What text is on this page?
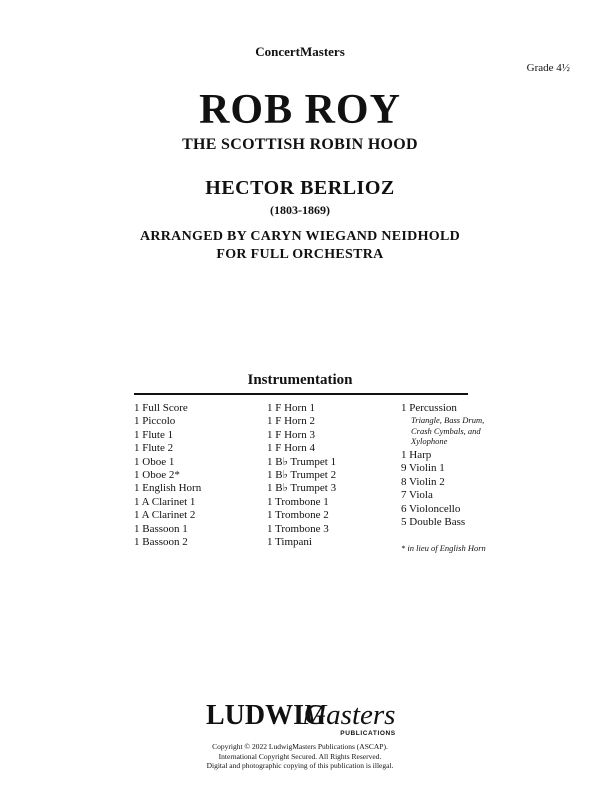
ConcertMasters
Grade 4½
ROB ROY
THE SCOTTISH ROBIN HOOD
HECTOR BERLIOZ
(1803-1869)
ARRANGED BY CARYN WIEGAND NEIDHOLD
FOR FULL ORCHESTRA
Instrumentation
1 Full Score
1 Piccolo
1 Flute 1
1 Flute 2
1 Oboe 1
1 Oboe 2*
1 English Horn
1 A Clarinet 1
1 A Clarinet 2
1 Bassoon 1
1 Bassoon 2
1 F Horn 1
1 F Horn 2
1 F Horn 3
1 F Horn 4
1 B♭ Trumpet 1
1 B♭ Trumpet 2
1 B♭ Trumpet 3
1 Trombone 1
1 Trombone 2
1 Trombone 3
1 Timpani
1 Percussion
Triangle, Bass Drum, Crash Cymbals, and Xylophone
1 Harp
9 Violin 1
8 Violin 2
7 Viola
6 Violoncello
5 Double Bass
* in lieu of English Horn
LUDWIG
Masters
PUBLICATIONS
Copyright © 2022 LudwigMasters Publications (ASCAP).
International Copyright Secured. All Rights Reserved.
Digital and photographic copying of this publication is illegal.
